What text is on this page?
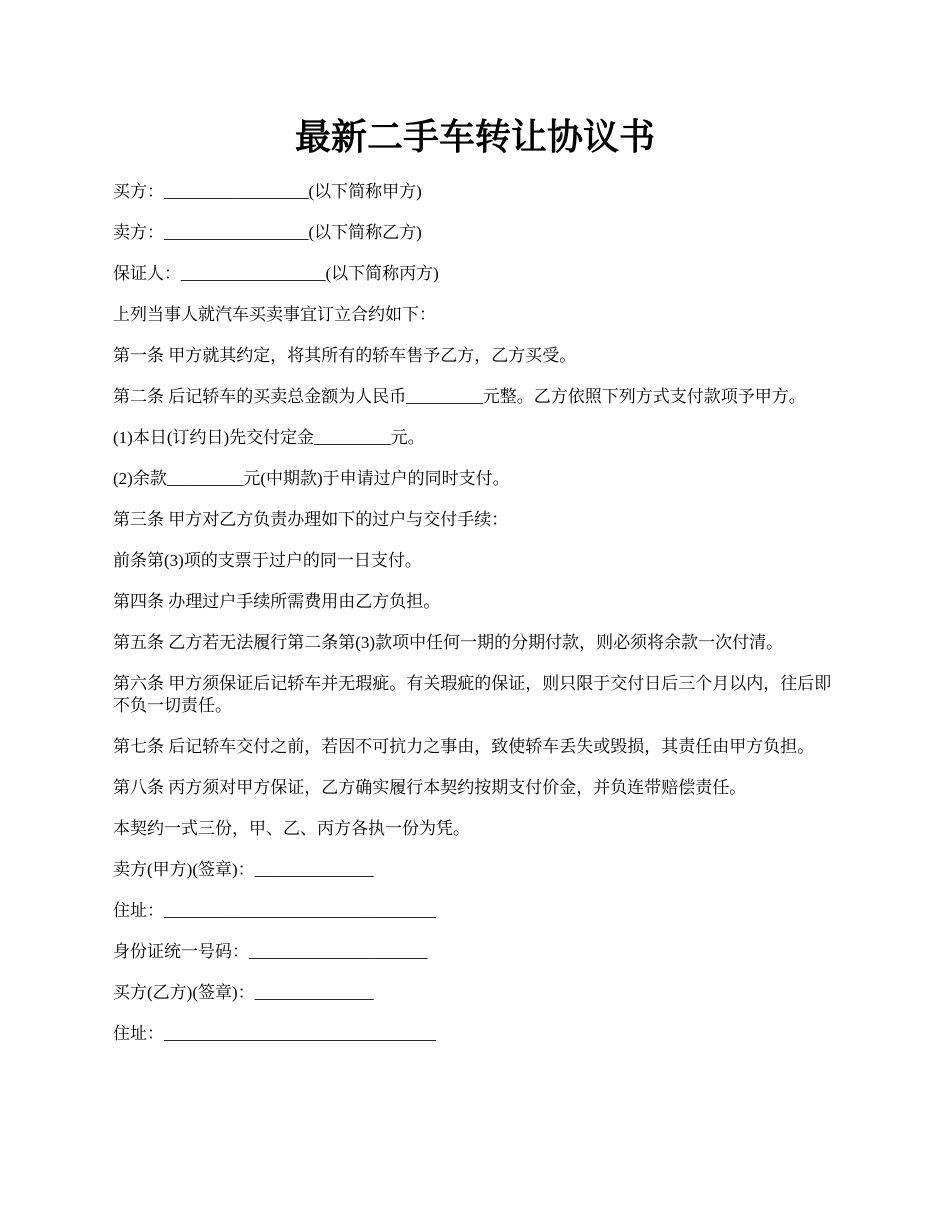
最新二手车转让协议书

买方：_________________(以下简称甲方)

卖方：_________________(以下简称乙方)

保证人：_________________(以下简称丙方)

上列当事人就汽车买卖事宜订立合约如下：

第一条 甲方就其约定，将其所有的轿车售予乙方，乙方买受。

第二条 后记轿车的买卖总金额为人民币_________元整。乙方依照下列方式支付款项予甲方。

(1)本日(订约日)先交付定金_________元。

(2)余款_________元(中期款)于申请过户的同时支付。

第三条 甲方对乙方负责办理如下的过户与交付手续：

前条第(3)项的支票于过户的同一日支付。

第四条 办理过户手续所需费用由乙方负担。

第五条 乙方若无法履行第二条第(3)款项中任何一期的分期付款，则必须将余款一次付清。

第六条 甲方须保证后记轿车并无瑕疵。有关瑕疵的保证，则只限于交付日后三个月以内，往后即不负一切责任。

第七条 后记轿车交付之前，若因不可抗力之事由，致使轿车丢失或毁损，其责任由甲方负担。

第八条 丙方须对甲方保证，乙方确实履行本契约按期支付价金，并负连带赔偿责任。

本契约一式三份，甲、乙、丙方各执一份为凭。

卖方(甲方)(签章)：______________

住址：________________________________

身份证统一号码：_____________________

买方(乙方)(签章)：______________

住址：________________________________
